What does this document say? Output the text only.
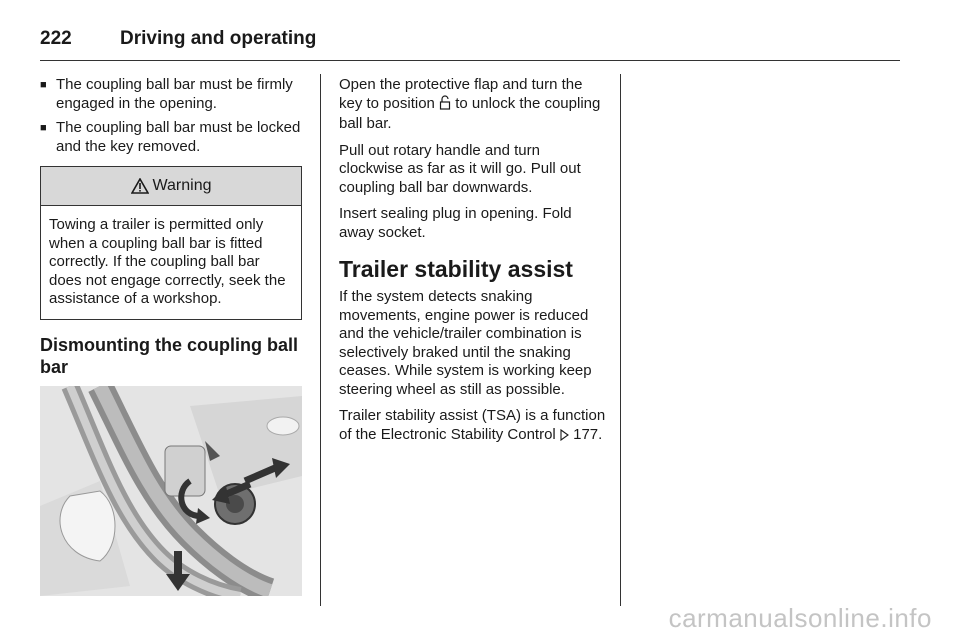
222	Driving and operating
■ The coupling ball bar must be firmly engaged in the opening.
■ The coupling ball bar must be locked and the key removed.
Warning
Towing a trailer is permitted only when a coupling ball bar is fitted correctly. If the coupling ball bar does not engage correctly, seek the assistance of a workshop.
Dismounting the coupling ball bar

Open the protective flap and turn the key to position  to unlock the coupling ball bar.

Pull out rotary handle and turn clockwise as far as it will go. Pull out coupling ball bar downwards.

Insert sealing plug in opening. Fold away socket.

Trailer stability assist

If the system detects snaking movements, engine power is reduced and the vehicle/trailer combination is selectively braked until the snaking ceases. While system is working keep steering wheel as still as possible.

Trailer stability assist (TSA) is a function of the Electronic Stability Control  177.

carmanualsonline.info
